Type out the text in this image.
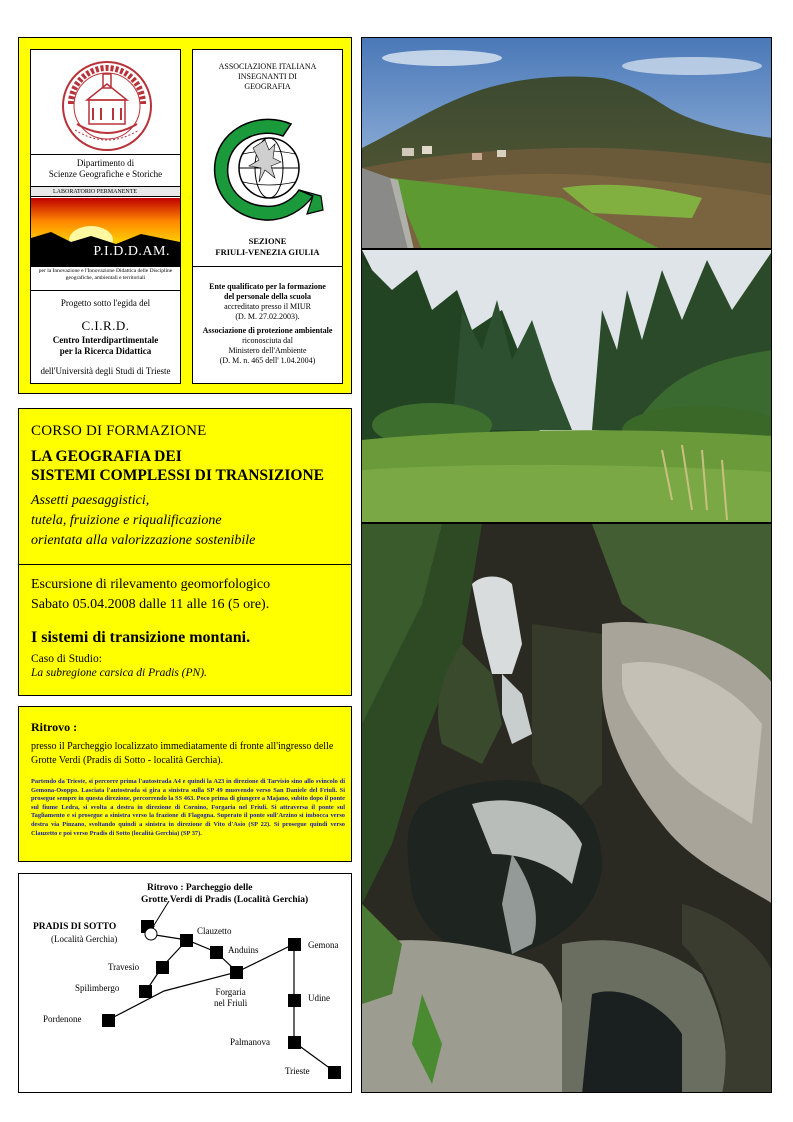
Dipartimento di
Scienze Geografiche e Storiche
LABORATORIO PERMANENTE
P.I.D.D.AM.
per la Innovazione e l'Innovazione Didattica delle Discipline geografiche, ambientali e territoriali
Progetto sotto l'egida del
C.I.R.D.
Centro Interdipartimentale
per la Ricerca Didattica
dell'Università degli Studi di Trieste
ASSOCIAZIONE ITALIANA
INSEGNANTI DI
GEOGRAFIA
SEZIONE
FRIULI-VENEZIA GIULIA
Ente qualificato per la formazione
del personale della scuola
accreditato presso il MIUR
(D. M. 27.02.2003).
Associazione di protezione ambientale
riconosciuta dal
Ministero dell'Ambiente
(D. M. n. 465 dell' 1.04.2004)
CORSO DI FORMAZIONE
LA GEOGRAFIA DEI
SISTEMI COMPLESSI DI TRANSIZIONE
Assetti paesaggistici,
tutela, fruizione e riqualificazione
orientata alla valorizzazione sostenibile
Escursione di rilevamento geomorfologico
Sabato 05.04.2008 dalle 11 alle 16 (5 ore).
I sistemi di transizione montani.
Caso di Studio:
La subregione carsica di Pradis (PN).
Ritrovo :
presso il Parcheggio localizzato immediatamente di fronte all'ingresso delle Grotte Verdi (Pradis di Sotto - località Gerchia).
Partendo da Trieste, si percorre prima l'autostrada A4 e quindi la A23 in direzione di Tarvisio sino allo svincolo di Gemona-Osoppo. Lasciata l'autostrada si gira a sinistra sulla SP 49 muovendo verso San Daniele del Friuli. Si prosegue sempre in questa direzione, percorrendo la SS 463. Poco prima di giungere a Majano, subito dopo il ponte sul fiume Ledra, si svolta a destra in direzione di Cornino, Forgaria nel Friuli. Si attraversa il ponte sul Tagliamento e si prosegue a sinistra verso la frazione di Flagogna. Superato il ponte sull'Arzino si imbocca verso destra via Pinzano, svoltando quindi a sinistra in direzione di Vito d'Asio (SP 22). Si prosegue quindi verso Clauzetto e poi verso Pradis di Sotto (località Gerchia) (SP 37).
Ritrovo : Parcheggio delle
Grotte Verdi di Pradis (Località Gerchia)
PRADIS DI SOTTO
(Località Gerchia)
Clauzetto
Anduins	Gemona
Travesio
Spilimbergo	Forgaria
nel Friuli	Udine
Pordenone
Palmanova
Trieste
